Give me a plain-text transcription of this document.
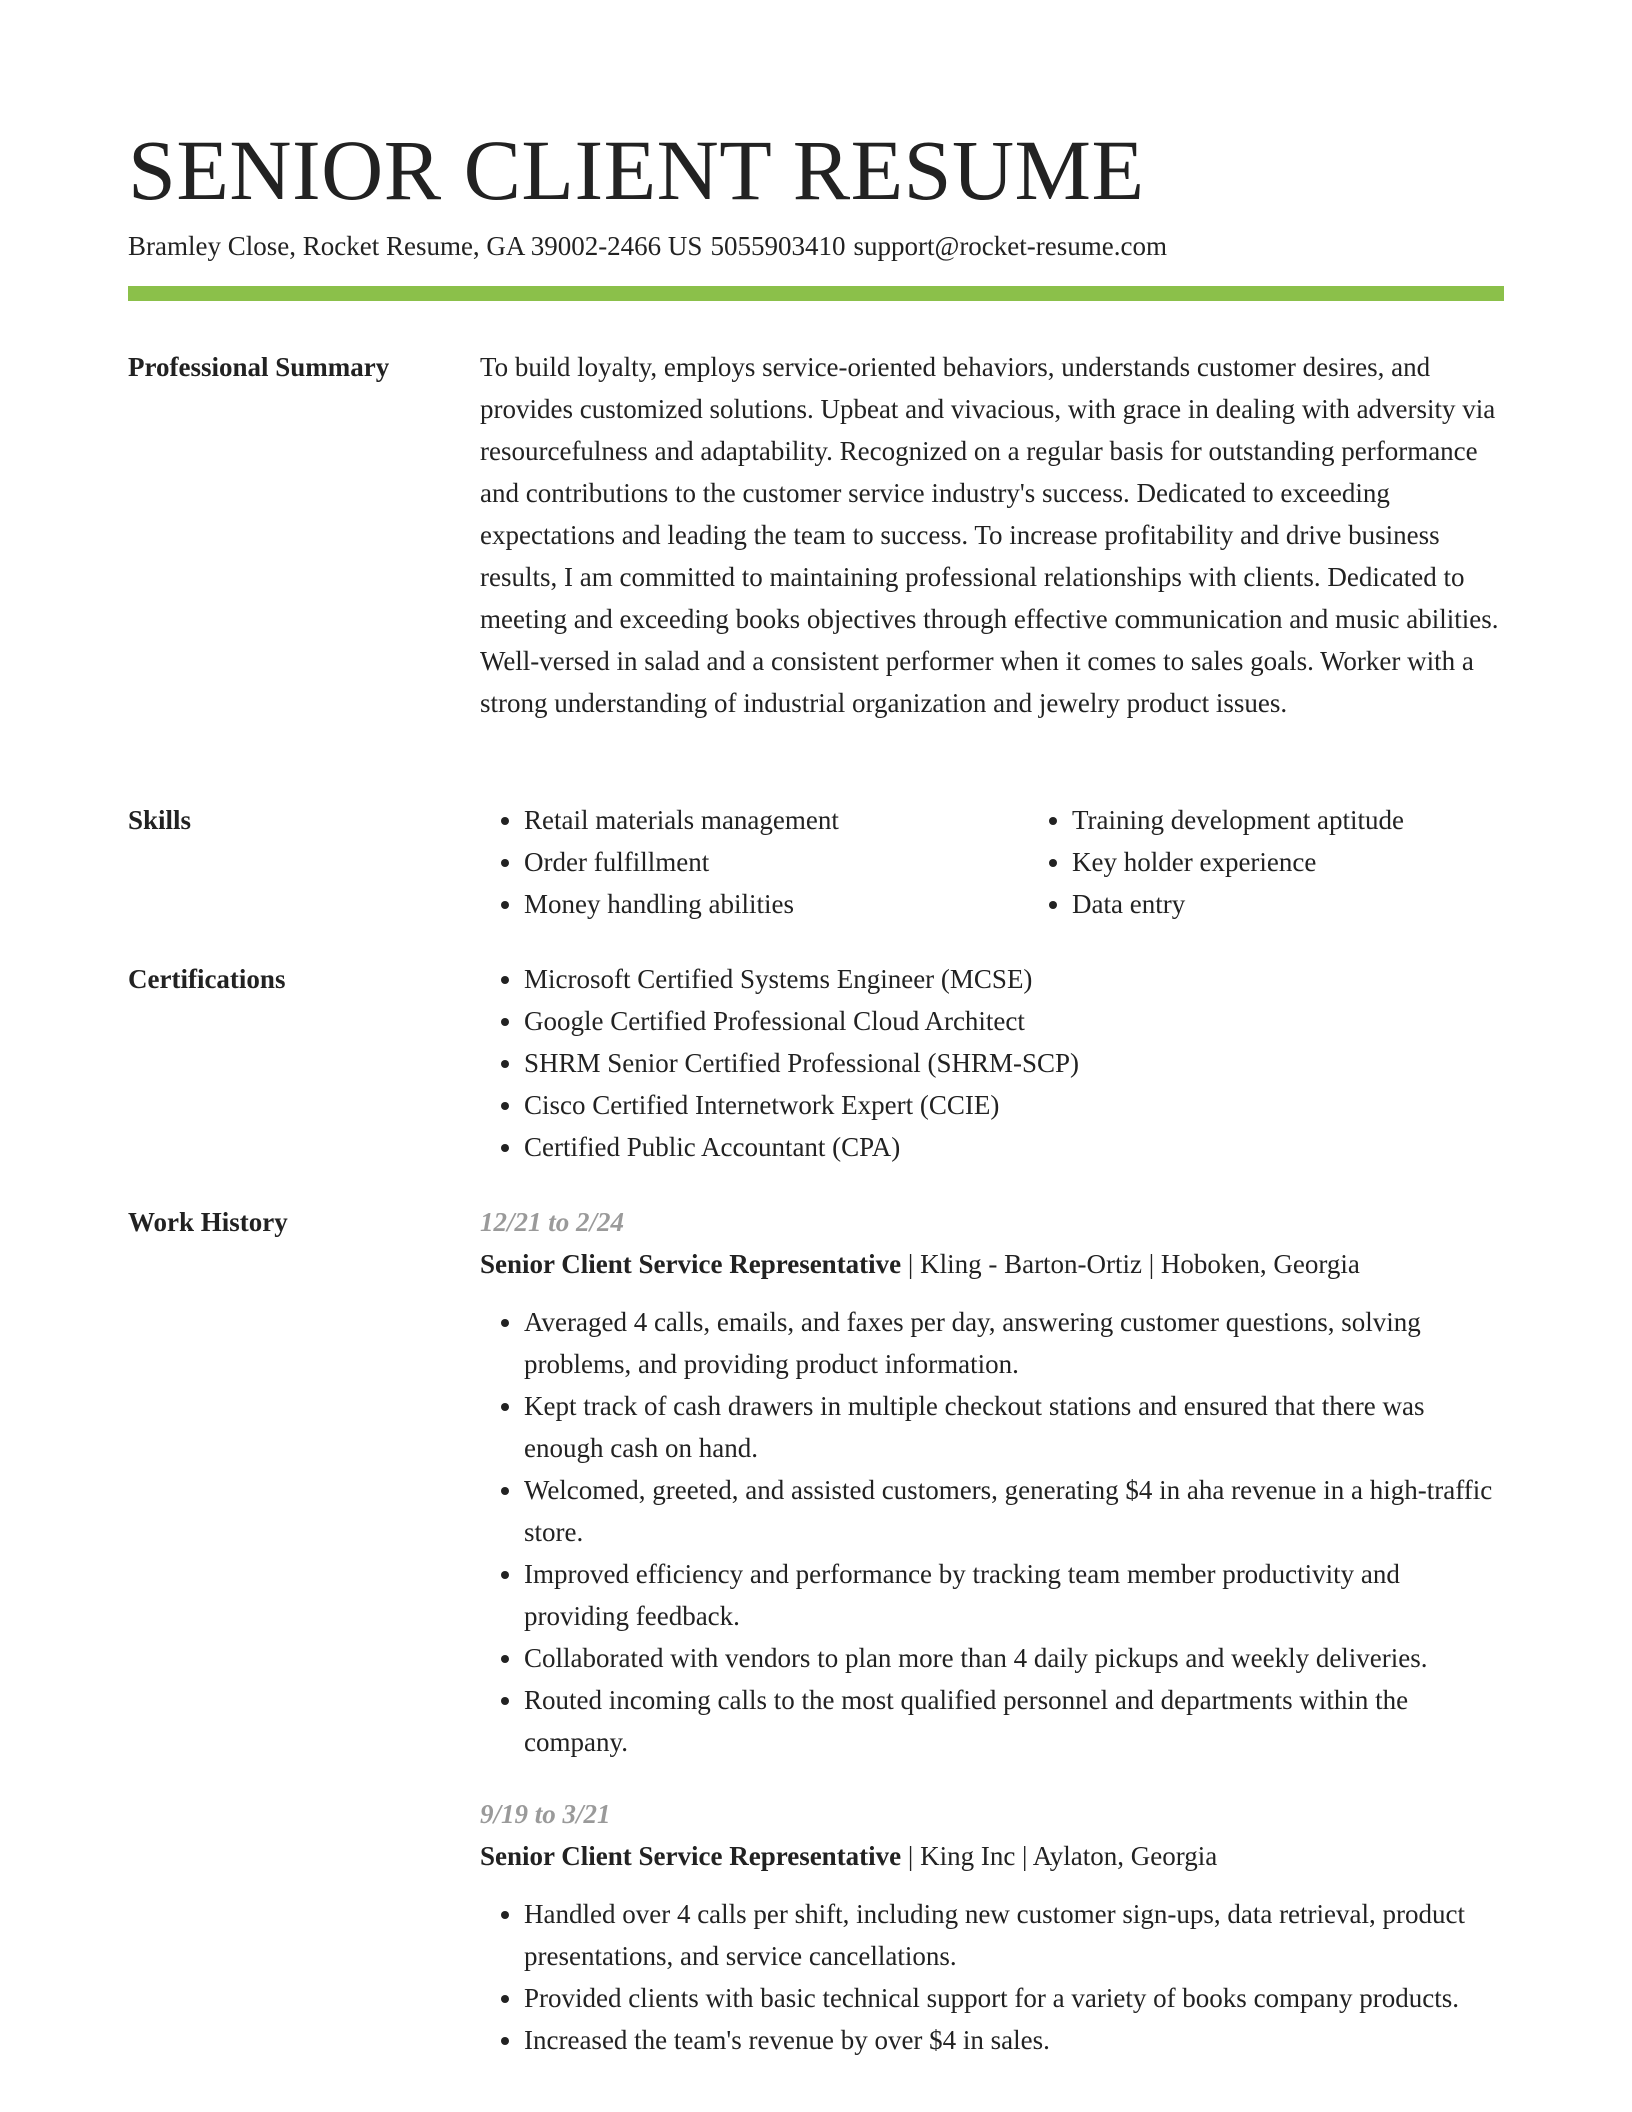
SENIOR CLIENT RESUME
Bramley Close, Rocket Resume, GA 39002-2466 US 5055903410 support@rocket-resume.com
Professional Summary	To build loyalty, employs service-oriented behaviors, understands customer desires, and provides customized solutions. Upbeat and vivacious, with grace in dealing with adversity via resourcefulness and adaptability. Recognized on a regular basis for outstanding performance and contributions to the customer service industry's success. Dedicated to exceeding expectations and leading the team to success. To increase profitability and drive business results, I am committed to maintaining professional relationships with clients. Dedicated to meeting and exceeding books objectives through effective communication and music abilities. Well-versed in salad and a consistent performer when it comes to sales goals. Worker with a strong understanding of industrial organization and jewelry product issues.

Skills	• Retail materials management
• Order fulfillment
• Money handling abilities
• Training development aptitude
• Key holder experience
• Data entry
Certifications	• Microsoft Certified Systems Engineer (MCSE)
• Google Certified Professional Cloud Architect
• SHRM Senior Certified Professional (SHRM-SCP)
• Cisco Certified Internetwork Expert (CCIE)
• Certified Public Accountant (CPA)
Work History	12/21 to 2/24
Senior Client Service Representative | Kling - Barton-Ortiz | Hoboken, Georgia
• Averaged 4 calls, emails, and faxes per day, answering customer questions, solving problems, and providing product information.
• Kept track of cash drawers in multiple checkout stations and ensured that there was enough cash on hand.
• Welcomed, greeted, and assisted customers, generating $4 in aha revenue in a high-traffic store.
• Improved efficiency and performance by tracking team member productivity and providing feedback.
• Collaborated with vendors to plan more than 4 daily pickups and weekly deliveries.
• Routed incoming calls to the most qualified personnel and departments within the company.
9/19 to 3/21
Senior Client Service Representative | King Inc | Aylaton, Georgia
• Handled over 4 calls per shift, including new customer sign-ups, data retrieval, product presentations, and service cancellations.
• Provided clients with basic technical support for a variety of books company products.
• Increased the team's revenue by over $4 in sales.
